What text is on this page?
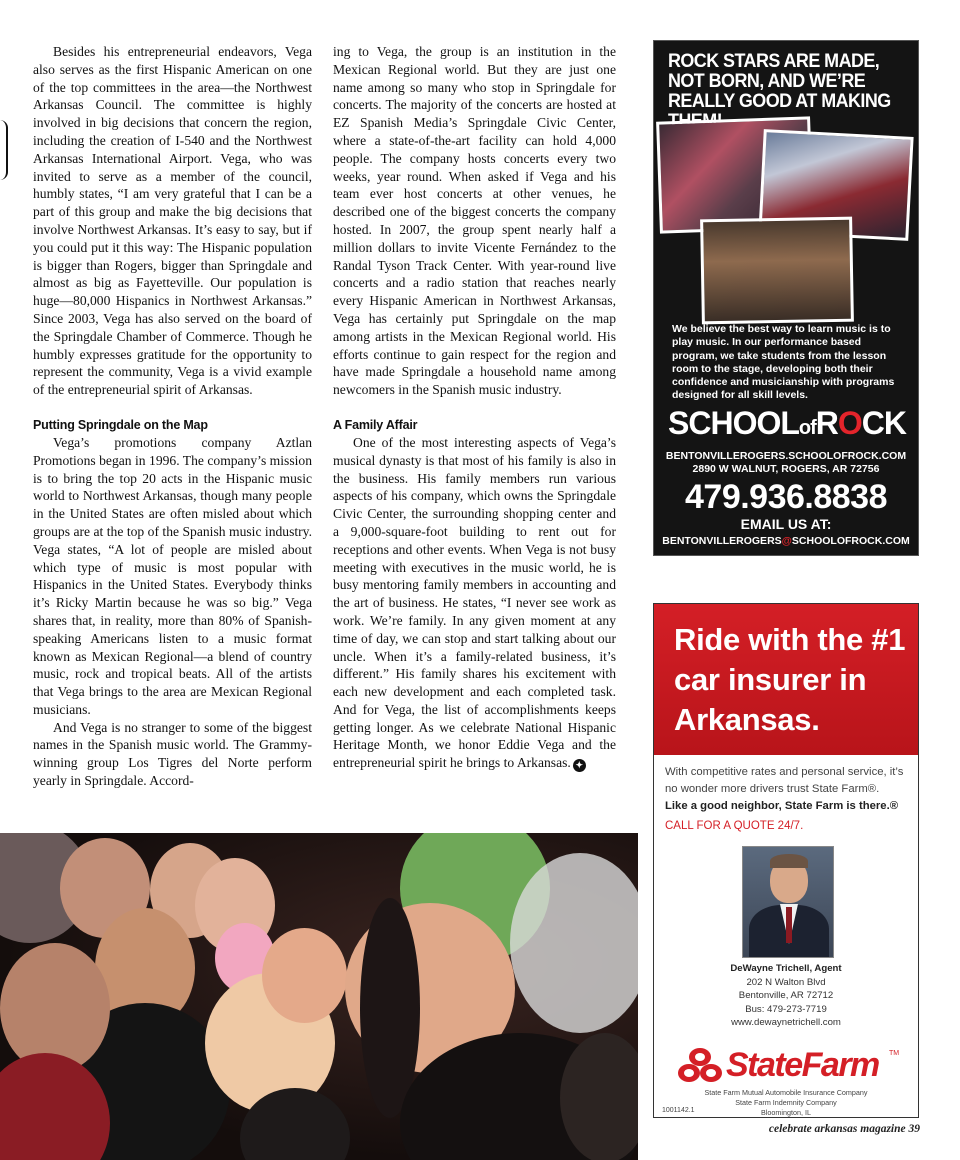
Besides his entrepreneurial endeavors, Vega also serves as the first Hispanic American on one of the top committees in the area—the Northwest Arkansas Council. The committee is highly involved in big decisions that concern the region, including the creation of I-540 and the Northwest Arkansas International Airport. Vega, who was invited to serve as a member of the council, humbly states, “I am very grateful that I can be a part of this group and make the big decisions that involve Northwest Arkansas. It’s easy to say, but if you could put it this way: The Hispanic population is bigger than Rogers, bigger than Springdale and almost as big as Fayetteville. Our population is huge—80,000 Hispanics in Northwest Arkansas.” Since 2003, Vega has also served on the board of the Springdale Chamber of Commerce. Though he humbly expresses gratitude for the opportunity to represent the community, Vega is a vivid example of the entrepreneurial spirit of Arkansas.

Putting Springdale on the Map

Vega’s promotions company Aztlan Promotions began in 1996. The company’s mission is to bring the top 20 acts in the Hispanic music world to Northwest Arkansas, though many people in the United States are often misled about which groups are at the top of the Spanish music industry. Vega states, “A lot of people are misled about which type of music is most popular with Hispanics in the United States. Everybody thinks it’s Ricky Martin because he was so big.” Vega shares that, in reality, more than 80% of Spanish-speaking Americans listen to a music format known as Mexican Regional—a blend of country music, rock and tropical beats. All of the artists that Vega brings to the area are Mexican Regional musicians.

And Vega is no stranger to some of the biggest names in the Spanish music world. The Grammy-winning group Los Tigres del Norte perform yearly in Springdale. Accord-

ing to Vega, the group is an institution in the Mexican Regional world. But they are just one name among so many who stop in Springdale for concerts. The majority of the concerts are hosted at EZ Spanish Media’s Springdale Civic Center, where a state-of-the-art facility can hold 4,000 people. The company hosts concerts every two weeks, year round. When asked if Vega and his team ever host concerts at other venues, he described one of the biggest concerts the company hosted. In 2007, the group spent nearly half a million dollars to invite Vicente Fernández to the Randal Tyson Track Center. With year-round live concerts and a radio station that reaches nearly every Hispanic American in Northwest Arkansas, Vega has certainly put Springdale on the map among artists in the Mexican Regional world. His efforts continue to gain respect for the region and have made Springdale a household name among newcomers in the Spanish music industry.

A Family Affair

One of the most interesting aspects of Vega’s musical dynasty is that most of his family is also in the business. His family members run various aspects of his company, which owns the Springdale Civic Center, the surrounding shopping center and a 9,000-square-foot building to rent out for receptions and other events. When Vega is not busy meeting with executives in the music world, he is busy mentoring family members in accounting and the art of business. He states, “I never see work as work. We’re family. In any given moment at any time of day, we can stop and start talking about our uncle. When it’s a family-related business, it’s different.” His family shares his excitement with each new development and each completed task. And for Vega, the list of accomplishments keeps getting longer. As we celebrate National Hispanic Heritage Month, we honor Eddie Vega and the entrepreneurial spirit he brings to Arkansas. ✦

ROCK STARS ARE MADE, NOT BORN, AND WE’RE REALLY GOOD AT MAKING
We believe the best way to learn music is to play music. In our performance based program, we take students from the lesson room to the stage, developing both their confidence and musicianship with programs designed for all skill levels.
SCHOOLofROCK
BENTONVILLEROGERS.SCHOOLOFROCK.COM
2890 W WALNUT, ROGERS, AR 72756
479.936.8838
EMAIL US AT:
BENTONVILLEROGERS@SCHOOLOFROCK.COM
Ride with the #1 car insurer in Arkansas.
With competitive rates and personal service, it’s no wonder more drivers trust State Farm®.
Like a good neighbor, State Farm is there.®
CALL FOR A QUOTE 24/7.
DeWayne Trichell, Agent
202 N Walton Blvd
Bentonville, AR 72712
Bus: 479-273-7719
www.dewaynetrichell.com
StateFarm TM
State Farm Mutual Automobile Insurance Company
State Farm Indemnity Company
Bloomington, IL
1001142.1
celebrate arkansas magazine 39
